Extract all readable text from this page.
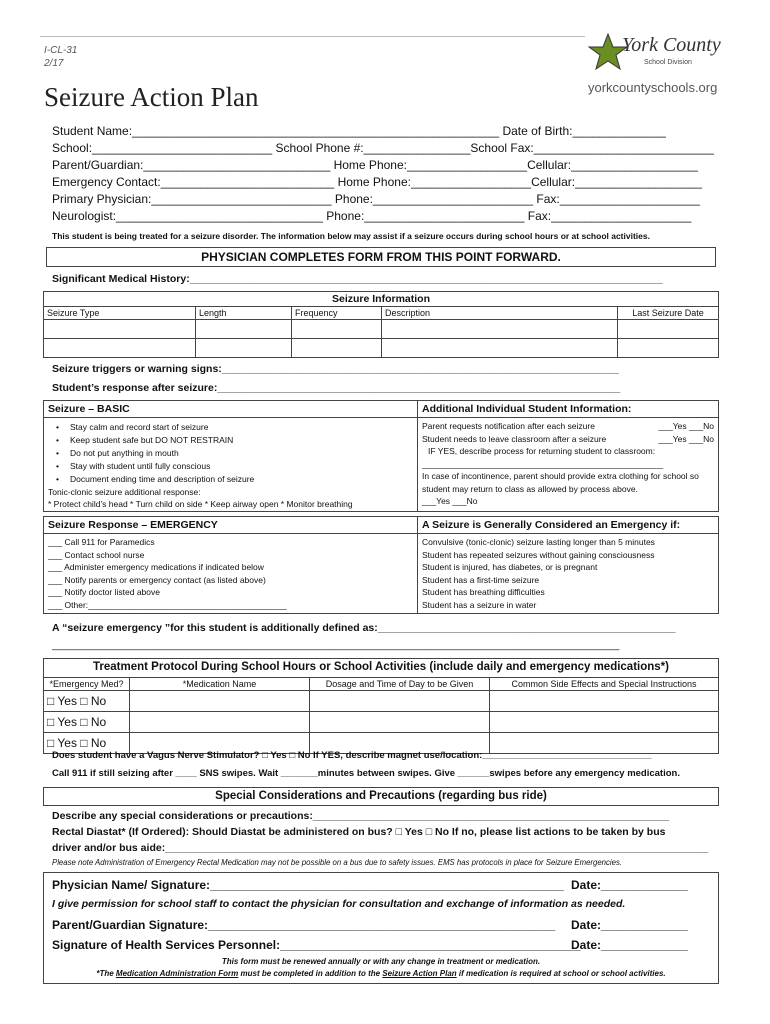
I-CL-31
2/17
York County
School Division
yorkcountyschools.org
Seizure Action Plan
Student Name:_______________________________________________________ Date of Birth:______________
School:___________________________ School Phone #:________________School Fax:___________________________
Parent/Guardian:____________________________ Home Phone:__________________Cellular:___________________
Emergency Contact:__________________________ Home Phone:__________________Cellular:___________________
Primary Physician:___________________________ Phone:________________________ Fax:_____________________
Neurologist:_______________________________ Phone:________________________ Fax:_____________________
This student is being treated for a seizure disorder. The information below may assist if a seizure occurs during school hours or at school activities.
PHYSICIAN COMPLETES FORM FROM THIS POINT FORWARD.
Significant Medical History:_________________________________________________________________________________
Seizure Information				
Seizure Type	Length	Frequency	Description	Last Seizure Date

Seizure triggers or warning signs:____________________________________________________________________
Student’s response after seizure:_____________________________________________________________________
Seizure – BASIC
• Stay calm and record start of seizure
• Keep student safe but DO NOT RESTRAIN
• Do not put anything in mouth
• Stay with student until fully conscious
• Document ending time and description of seizure
Tonic-clonic seizure additional response:
* Protect child’s head * Turn child on side * Keep airway open * Monitor breathing
Additional Individual Student Information:
Parent requests notification after each seizure	___Yes ___No
Student needs to leave classroom after a seizure	___Yes ___No
IF YES, describe process for returning student to classroom:
___________________________________________________
In case of incontinence, parent should provide extra clothing for school so student may return to class as allowed by process above.
___Yes ___No
Seizure Response – EMERGENCY
___ Call 911 for Paramedics
___ Contact school nurse
___ Administer emergency medications if indicated below
___ Notify parents or emergency contact (as listed above)
___ Notify doctor listed above
___ Other:__________________________________________
A Seizure is Generally Considered an Emergency if:
Convulsive (tonic-clonic) seizure lasting longer than 5 minutes
Student has repeated seizures without gaining consciousness
Student is injured, has diabetes, or is pregnant
Student has a first-time seizure
Student has breathing difficulties
Student has a seizure in water
A “seizure emergency ”for this student is additionally defined as:___________________________________________________
______________________________________________________________________________________________________
Treatment Protocol During School Hours or School Activities (include daily and emergency medications*)
*Emergency Med?	*Medication Name	Dosage and Time of Day to be Given	Common Side Effects and Special Instructions
□ Yes □ No			
□ Yes □ No			
□ Yes □ No			
Does student have a Vagus Nerve Stimulator? □ Yes □ No If YES, describe magnet use/location:________________________________
Call 911 if still seizing after ____ SNS swipes. Wait _______minutes between swipes. Give ______swipes before any emergency medication.
Special Considerations and Precautions (regarding bus ride)
Describe any special considerations or precautions:_____________________________________________________________
Rectal Diastat* (If Ordered): Should Diastat be administered on bus? □ Yes □ No If no, please list actions to be taken by bus
driver and/or bus aide:_____________________________________________________________________________________________
Please note Administration of Emergency Rectal Medication may not be possible on a bus due to safety issues. EMS has protocols in place for Seizure Emergencies.
Physician Name/ Signature:_____________________________________________________ Date:_____________
I give permission for school staff to contact the physician for consultation and exchange of information as needed.
Parent/Guardian Signature:____________________________________________________ Date:_____________
Signature of Health Services Personnel:_____________________________________________
Date:_____________
This form must be renewed annually or with any change in treatment or medication.
*The Medication Administration Form must be completed in addition to the Seizure Action Plan if medication is required at school or school activities.
